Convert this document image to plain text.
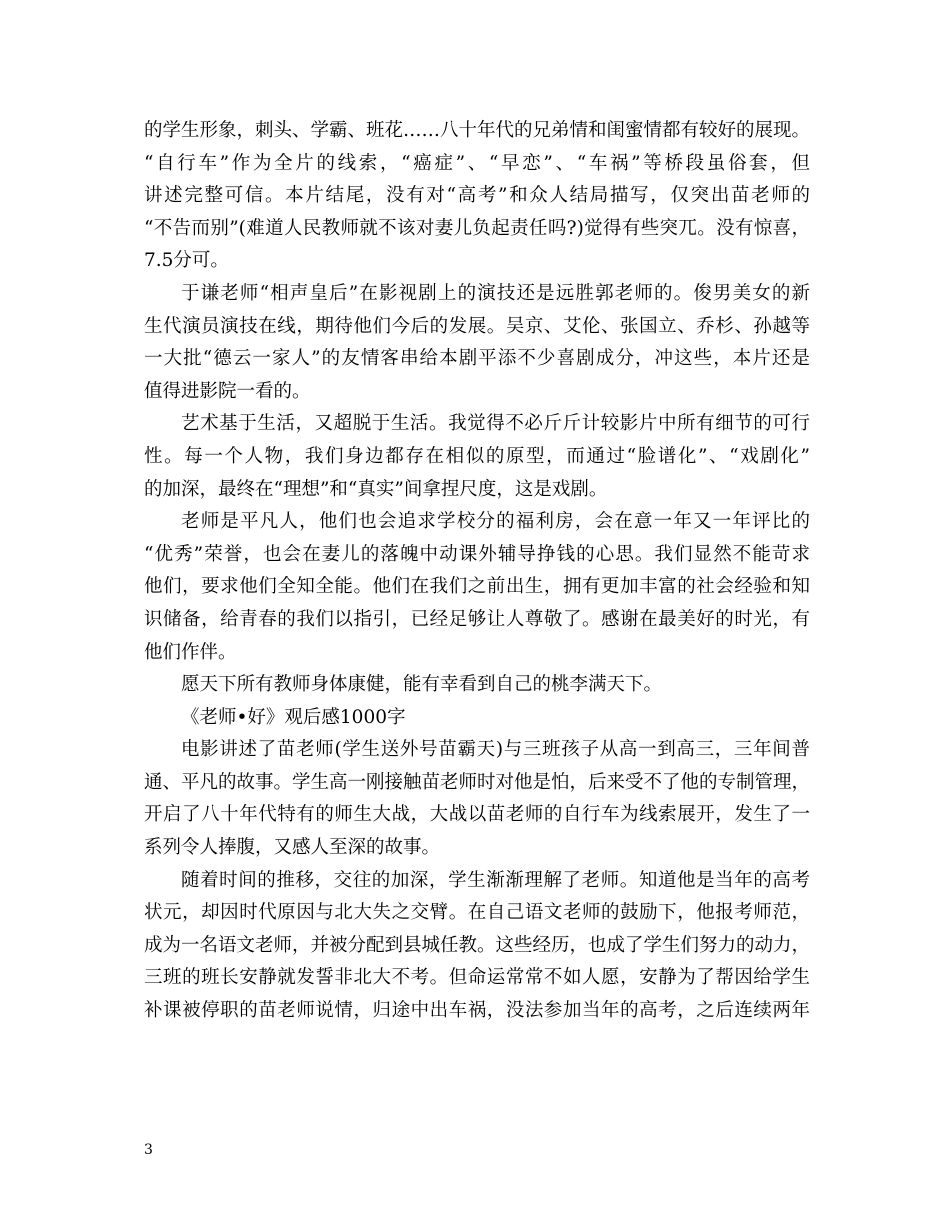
的学生形象，刺头、学霸、班花……八十年代的兄弟情和闺蜜情都有较好的展现。
“自行车”作为全片的线索，“癌症”、“早恋”、“车祸”等桥段虽俗套，但
讲述完整可信。本片结尾，没有对“高考”和众人结局描写，仅突出苗老师的
“不告而别”(难道人民教师就不该对妻儿负起责任吗?)觉得有些突兀。没有惊喜，
7.5分可。
于谦老师“相声皇后”在影视剧上的演技还是远胜郭老师的。俊男美女的新
生代演员演技在线，期待他们今后的发展。吴京、艾伦、张国立、乔杉、孙越等
一大批“德云一家人”的友情客串给本剧平添不少喜剧成分，冲这些，本片还是
值得进影院一看的。
艺术基于生活，又超脱于生活。我觉得不必斤斤计较影片中所有细节的可行
性。每一个人物，我们身边都存在相似的原型，而通过“脸谱化”、“戏剧化”
的加深，最终在“理想”和“真实”间拿捏尺度，这是戏剧。
老师是平凡人，他们也会追求学校分的福利房，会在意一年又一年评比的
“优秀”荣誉，也会在妻儿的落魄中动课外辅导挣钱的心思。我们显然不能苛求
他们，要求他们全知全能。他们在我们之前出生，拥有更加丰富的社会经验和知
识储备，给青春的我们以指引，已经足够让人尊敬了。感谢在最美好的时光，有
他们作伴。
愿天下所有教师身体康健，能有幸看到自己的桃李满天下。
《老师•好》观后感1000字
电影讲述了苗老师(学生送外号苗霸天)与三班孩子从高一到高三，三年间普
通、平凡的故事。学生高一刚接触苗老师时对他是怕，后来受不了他的专制管理，
开启了八十年代特有的师生大战，大战以苗老师的自行车为线索展开，发生了一
系列令人捧腹，又感人至深的故事。
随着时间的推移，交往的加深，学生渐渐理解了老师。知道他是当年的高考
状元，却因时代原因与北大失之交臂。在自己语文老师的鼓励下，他报考师范，
成为一名语文老师，并被分配到县城任教。这些经历，也成了学生们努力的动力，
三班的班长安静就发誓非北大不考。但命运常常不如人愿，安静为了帮因给学生
补课被停职的苗老师说情，归途中出车祸，没法参加当年的高考，之后连续两年
3
